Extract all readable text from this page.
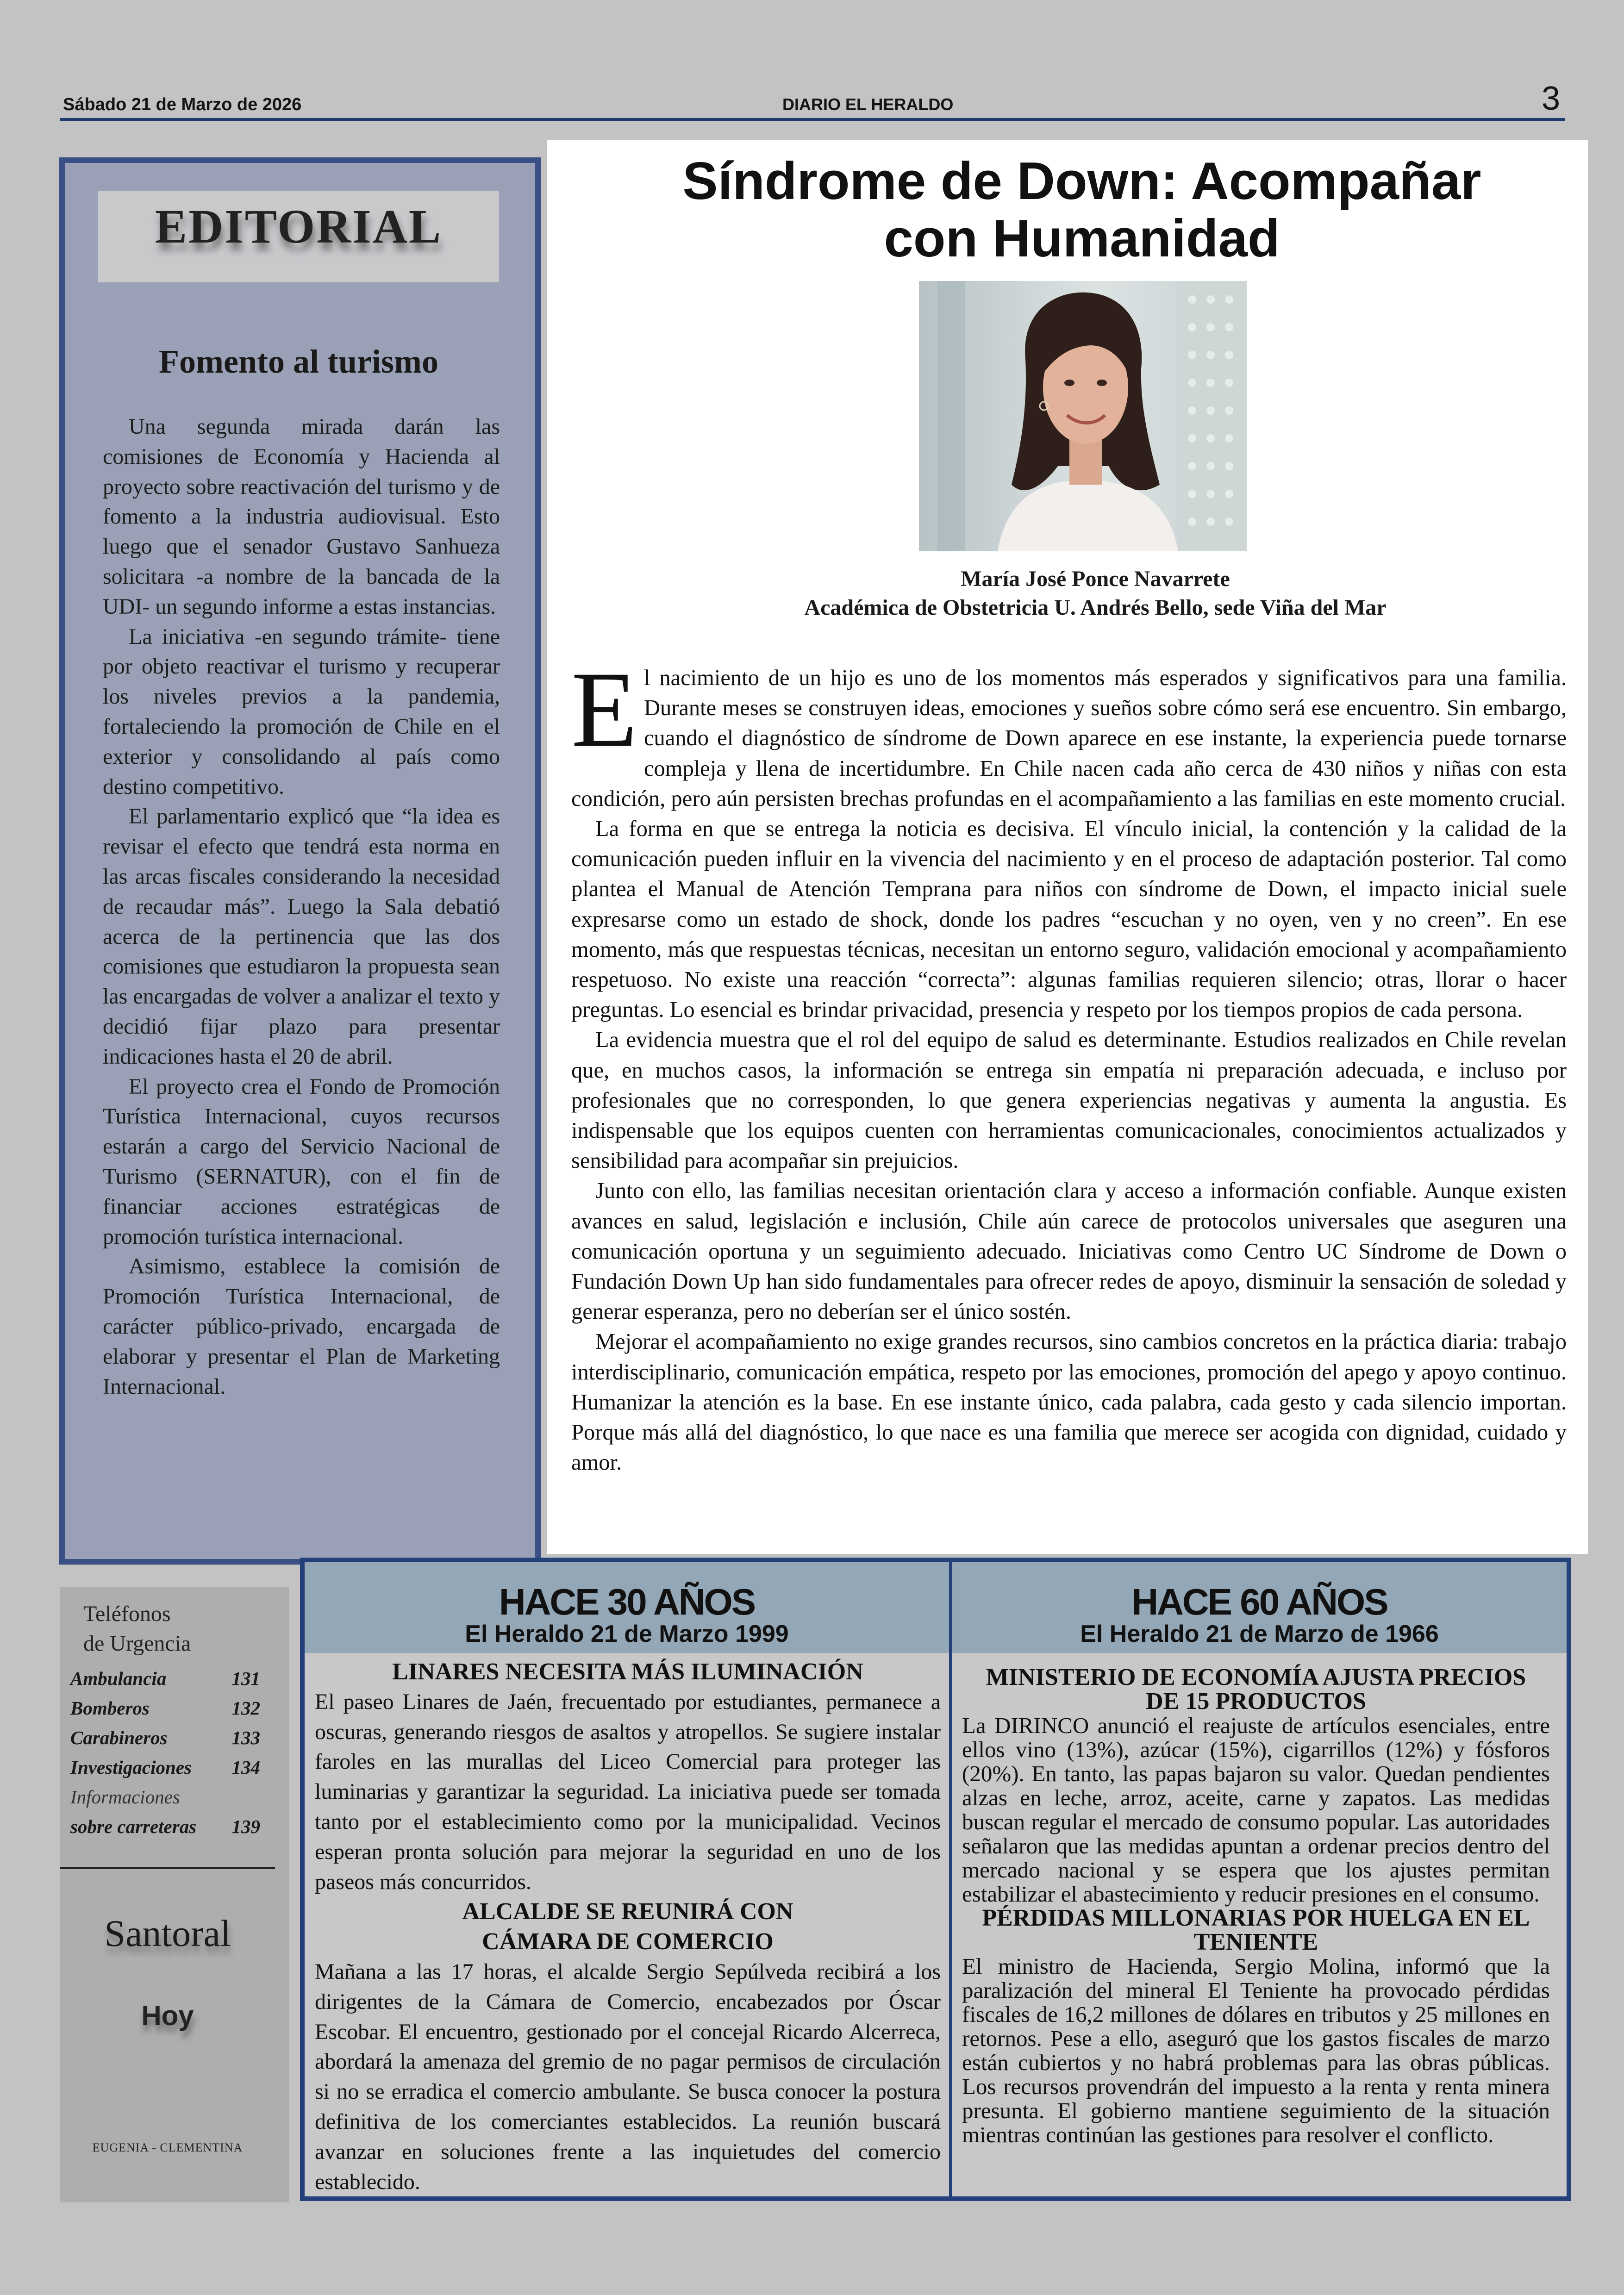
Sábado 21 de Marzo de 2026	DIARIO EL HERALDO	3
EDITORIAL
Fomento al turismo

Una segunda mirada darán las comisiones de Economía y Hacienda al proyecto sobre reactivación del turismo y de fomento a la industria audiovisual. Esto luego que el senador Gustavo Sanhueza solicitara -a nombre de la bancada de la UDI- un segundo informe a estas instancias.

La iniciativa -en segundo trámite- tiene por objeto reactivar el turismo y recuperar los niveles previos a la pandemia, fortaleciendo la promoción de Chile en el exterior y consolidando al país como destino competitivo.

El parlamentario explicó que “la idea es revisar el efecto que tendrá esta norma en las arcas fiscales considerando la necesidad de recaudar más”. Luego la Sala debatió acerca de la pertinencia que las dos comisiones que estudiaron la propuesta sean las encargadas de volver a analizar el texto y decidió fijar plazo para presentar indicaciones hasta el 20 de abril.

El proyecto crea el Fondo de Promoción Turística Internacional, cuyos recursos estarán a cargo del Servicio Nacional de Turismo (SERNATUR), con el fin de financiar acciones estratégicas de promoción turística internacional.

Asimismo, establece la comisión de Promoción Turística Internacional, de carácter público-privado, encargada de elaborar y presentar el Plan de Marketing Internacional.

Síndrome de Down: Acompañar
con Humanidad
María José Ponce Navarrete
Académica de Obstetricia U. Andrés Bello, sede Viña del Mar

El nacimiento de un hijo es uno de los momentos más esperados y significativos para una familia. Durante meses se construyen ideas, emociones y sueños sobre cómo será ese encuentro. Sin embargo, cuando el diagnóstico de síndrome de Down aparece en ese instante, la experiencia puede tornarse compleja y llena de incertidumbre. En Chile nacen cada año cerca de 430 niños y niñas con esta condición, pero aún persisten brechas profundas en el acompañamiento a las familias en este momento crucial.

La forma en que se entrega la noticia es decisiva. El vínculo inicial, la contención y la calidad de la comunicación pueden influir en la vivencia del nacimiento y en el proceso de adaptación posterior. Tal como plantea el Manual de Atención Temprana para niños con síndrome de Down, el impacto inicial suele expresarse como un estado de shock, donde los padres “escuchan y no oyen, ven y no creen”. En ese momento, más que respuestas técnicas, necesitan un entorno seguro, validación emocional y acompañamiento respetuoso. No existe una reacción “correcta”: algunas familias requieren silencio; otras, llorar o hacer preguntas. Lo esencial es brindar privacidad, presencia y respeto por los tiempos propios de cada persona.

La evidencia muestra que el rol del equipo de salud es determinante. Estudios realizados en Chile revelan que, en muchos casos, la información se entrega sin empatía ni preparación adecuada, e incluso por profesionales que no corresponden, lo que genera experiencias negativas y aumenta la angustia. Es indispensable que los equipos cuenten con herramientas comunicacionales, conocimientos actualizados y sensibilidad para acompañar sin prejuicios.

Junto con ello, las familias necesitan orientación clara y acceso a información confiable. Aunque existen avances en salud, legislación e inclusión, Chile aún carece de protocolos universales que aseguren una comunicación oportuna y un seguimiento adecuado. Iniciativas como Centro UC Síndrome de Down o Fundación Down Up han sido fundamentales para ofrecer redes de apoyo, disminuir la sensación de soledad y generar esperanza, pero no deberían ser el único sostén.

Mejorar el acompañamiento no exige grandes recursos, sino cambios concretos en la práctica diaria: trabajo interdisciplinario, comunicación empática, respeto por las emociones, promoción del apego y apoyo continuo. Humanizar la atención es la base. En ese instante único, cada palabra, cada gesto y cada silencio importan. Porque más allá del diagnóstico, lo que nace es una familia que merece ser acogida con dignidad, cuidado y amor.

Teléfonos
de Urgencia
Ambulancia	131
Bomberos	132
Carabineros	133
Investigaciones 134
Informaciones
sobre carreteras 139
Santoral
Hoy
EUGENIA - CLEMENTINA
HACE 30 AÑOS
El Heraldo 21 de Marzo 1999
LINARES NECESITA MÁS ILUMINACIÓN

El paseo Linares de Jaén, frecuentado por estudiantes, permanece a oscuras, generando riesgos de asaltos y atropellos. Se sugiere instalar faroles en las murallas del Liceo Comercial para proteger las luminarias y garantizar la seguridad. La iniciativa puede ser tomada tanto por el establecimiento como por la municipalidad. Vecinos esperan pronta solución para mejorar la seguridad en uno de los paseos más concurridos.

ALCALDE SE REUNIRÁ CON
CÁMARA DE COMERCIO

Mañana a las 17 horas, el alcalde Sergio Sepúlveda recibirá a los dirigentes de la Cámara de Comercio, encabezados por Óscar Escobar. El encuentro, gestionado por el concejal Ricardo Alcerreca, abordará la amenaza del gremio de no pagar permisos de circulación si no se erradica el comercio ambulante. Se busca conocer la postura definitiva de los comerciantes establecidos. La reunión buscará avanzar en soluciones frente a las inquietudes del comercio establecido.

HACE 60 AÑOS
El Heraldo 21 de Marzo de 1966
MINISTERIO DE ECONOMÍA AJUSTA PRECIOS
DE 15 PRODUCTOS

La DIRINCO anunció el reajuste de artículos esenciales, entre ellos vino (13%), azúcar (15%), cigarrillos (12%) y fósforos (20%). En tanto, las papas bajaron su valor. Quedan pendientes alzas en leche, arroz, aceite, carne y zapatos. Las medidas buscan regular el mercado de consumo popular. Las autoridades señalaron que las medidas apuntan a ordenar precios dentro del mercado nacional y se espera que los ajustes permitan estabilizar el abastecimiento y reducir presiones en el consumo.

PÉRDIDAS MILLONARIAS POR HUELGA EN EL
TENIENTE

El ministro de Hacienda, Sergio Molina, informó que la paralización del mineral El Teniente ha provocado pérdidas fiscales de 16,2 millones de dólares en tributos y 25 millones en retornos. Pese a ello, aseguró que los gastos fiscales de marzo están cubiertos y no habrá problemas para las obras públicas. Los recursos provendrán del impuesto a la renta y renta minera presunta. El gobierno mantiene seguimiento de la situación mientras continúan las gestiones para resolver el conflicto.
